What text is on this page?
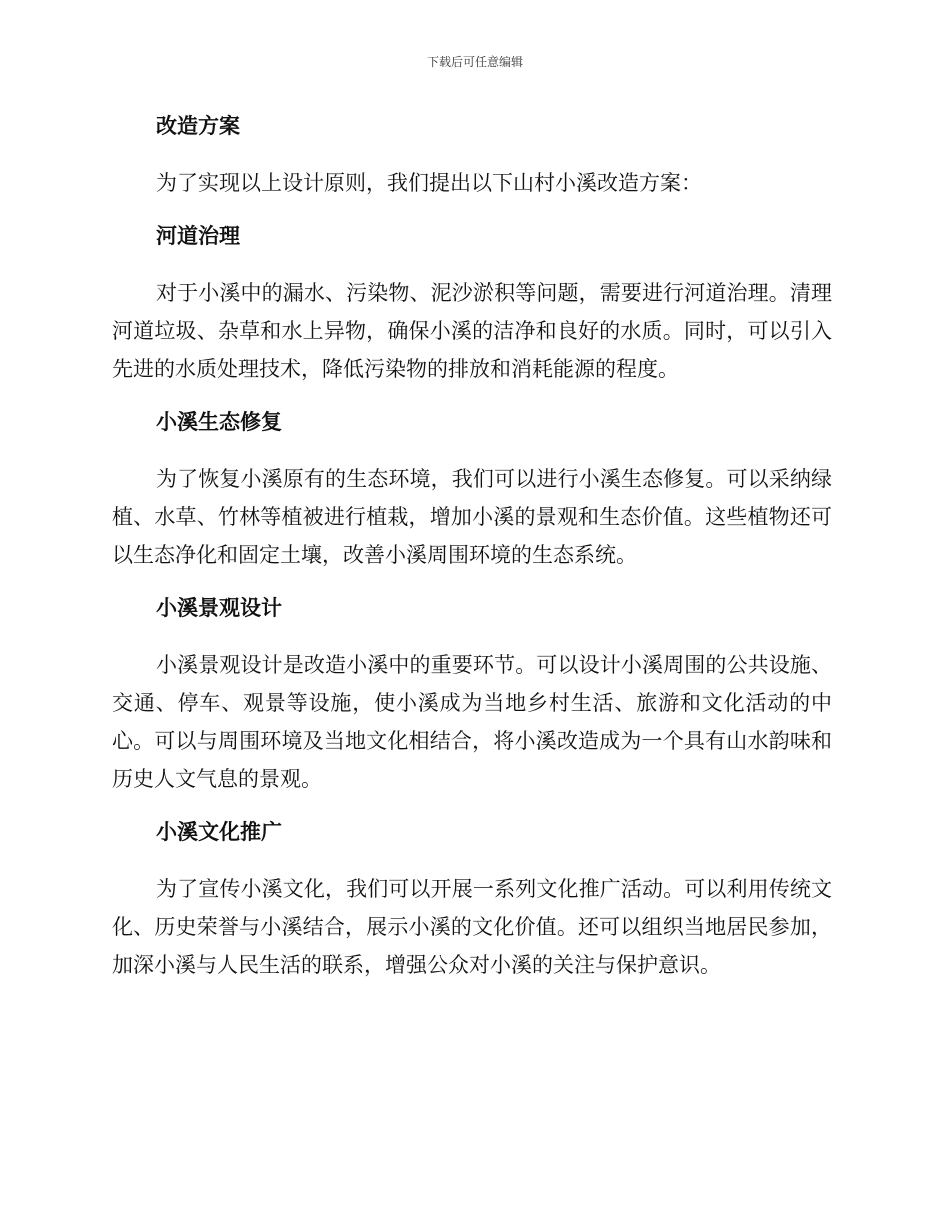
下载后可任意编辑
改造方案

为了实现以上设计原则，我们提出以下山村小溪改造方案：

河道治理

对于小溪中的漏水、污染物、泥沙淤积等问题，需要进行河道治理。清理河道垃圾、杂草和水上异物，确保小溪的洁净和良好的水质。同时，可以引入先进的水质处理技术，降低污染物的排放和消耗能源的程度。

小溪生态修复

为了恢复小溪原有的生态环境，我们可以进行小溪生态修复。可以采纳绿植、水草、竹林等植被进行植栽，增加小溪的景观和生态价值。这些植物还可以生态净化和固定土壤，改善小溪周围环境的生态系统。

小溪景观设计

小溪景观设计是改造小溪中的重要环节。可以设计小溪周围的公共设施、交通、停车、观景等设施，使小溪成为当地乡村生活、旅游和文化活动的中心。可以与周围环境及当地文化相结合，将小溪改造成为一个具有山水韵味和历史人文气息的景观。

小溪文化推广

为了宣传小溪文化，我们可以开展一系列文化推广活动。可以利用传统文化、历史荣誉与小溪结合，展示小溪的文化价值。还可以组织当地居民参加，加深小溪与人民生活的联系，增强公众对小溪的关注与保护意识。
